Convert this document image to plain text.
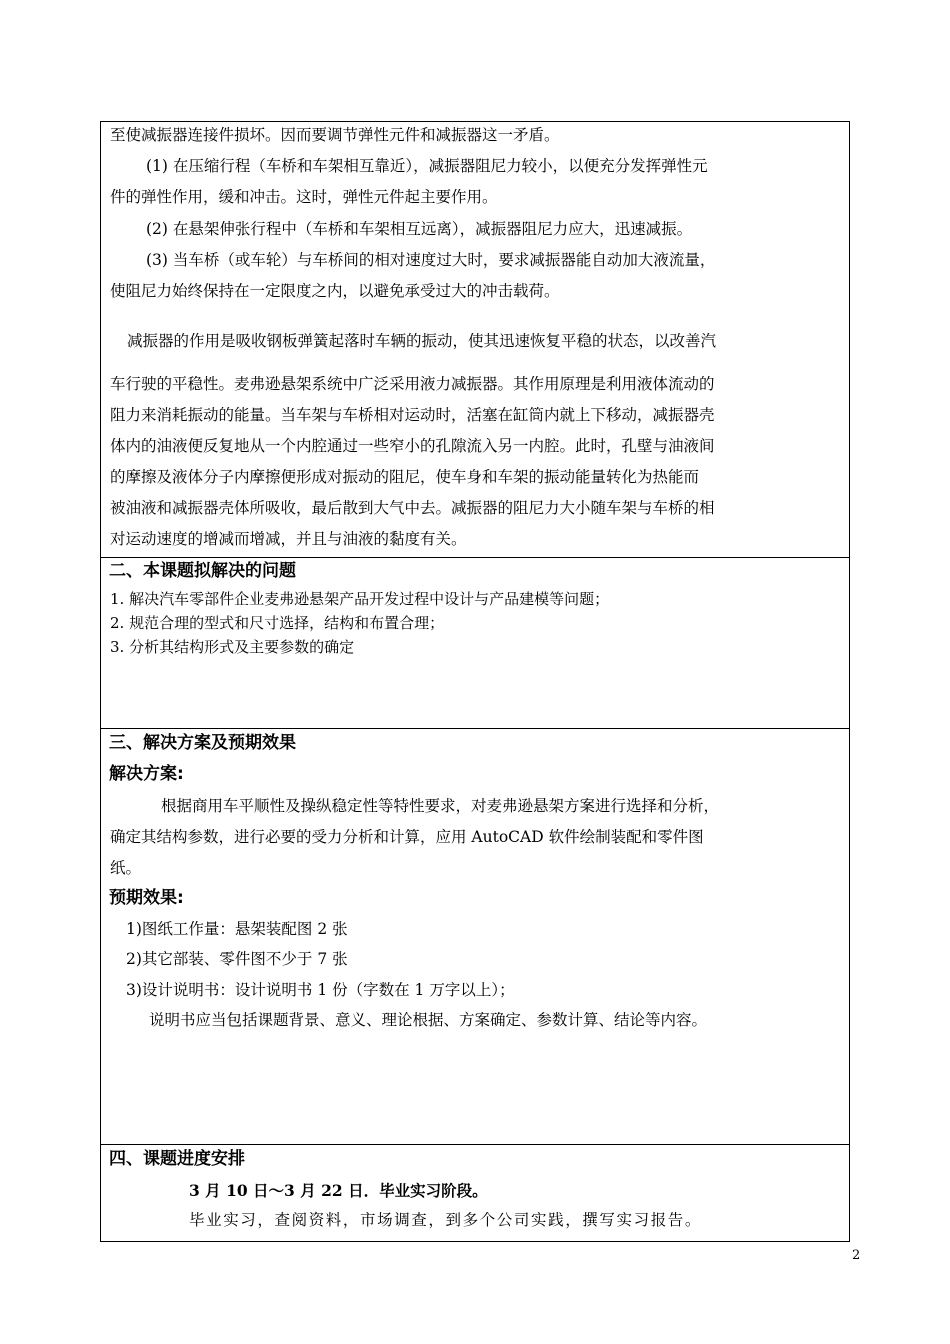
至使减振器连接件损坏。因而要调节弹性元件和减振器这一矛盾。
(1) 在压缩行程（车桥和车架相互靠近），减振器阻尼力较小，以便充分发挥弹性元
件的弹性作用，缓和冲击。这时，弹性元件起主要作用。
(2) 在悬架伸张行程中（车桥和车架相互远离），减振器阻尼力应大，迅速减振。
(3) 当车桥（或车轮）与车桥间的相对速度过大时，要求减振器能自动加大液流量，
使阻尼力始终保持在一定限度之内，以避免承受过大的冲击载荷。
减振器的作用是吸收钢板弹簧起落时车辆的振动，使其迅速恢复平稳的状态，以改善汽
车行驶的平稳性。麦弗逊悬架系统中广泛采用液力减振器。其作用原理是利用液体流动的
阻力来消耗振动的能量。当车架与车桥相对运动时，活塞在缸筒内就上下移动，减振器壳
体内的油液便反复地从一个内腔通过一些窄小的孔隙流入另一内腔。此时，孔壁与油液间
的摩擦及液体分子内摩擦便形成对振动的阻尼，使车身和车架的振动能量转化为热能而
被油液和减振器壳体所吸收，最后散到大气中去。减振器的阻尼力大小随车架与车桥的相
对运动速度的增减而增减，并且与油液的黏度有关。
二、本课题拟解决的问题
1. 解决汽车零部件企业麦弗逊悬架产品开发过程中设计与产品建模等问题；
2. 规范合理的型式和尺寸选择，结构和布置合理；
3. 分析其结构形式及主要参数的确定
三、解决方案及预期效果
解决方案:
根据商用车平顺性及操纵稳定性等特性要求，对麦弗逊悬架方案进行选择和分析，
确定其结构参数，进行必要的受力分析和计算，应用 AutoCAD 软件绘制装配和零件图
纸。
预期效果:
1)图纸工作量：悬架装配图 2 张
2)其它部装、零件图不少于 7 张
3)设计说明书：设计说明书 1 份（字数在 1 万字以上）；
说明书应当包括课题背景、意义、理论根据、方案确定、参数计算、结论等内容。
四、课题进度安排
3 月 10 日～3 月 22 日．毕业实习阶段。
毕业实习，查阅资料，市场调查，到多个公司实践，撰写实习报告。
2
